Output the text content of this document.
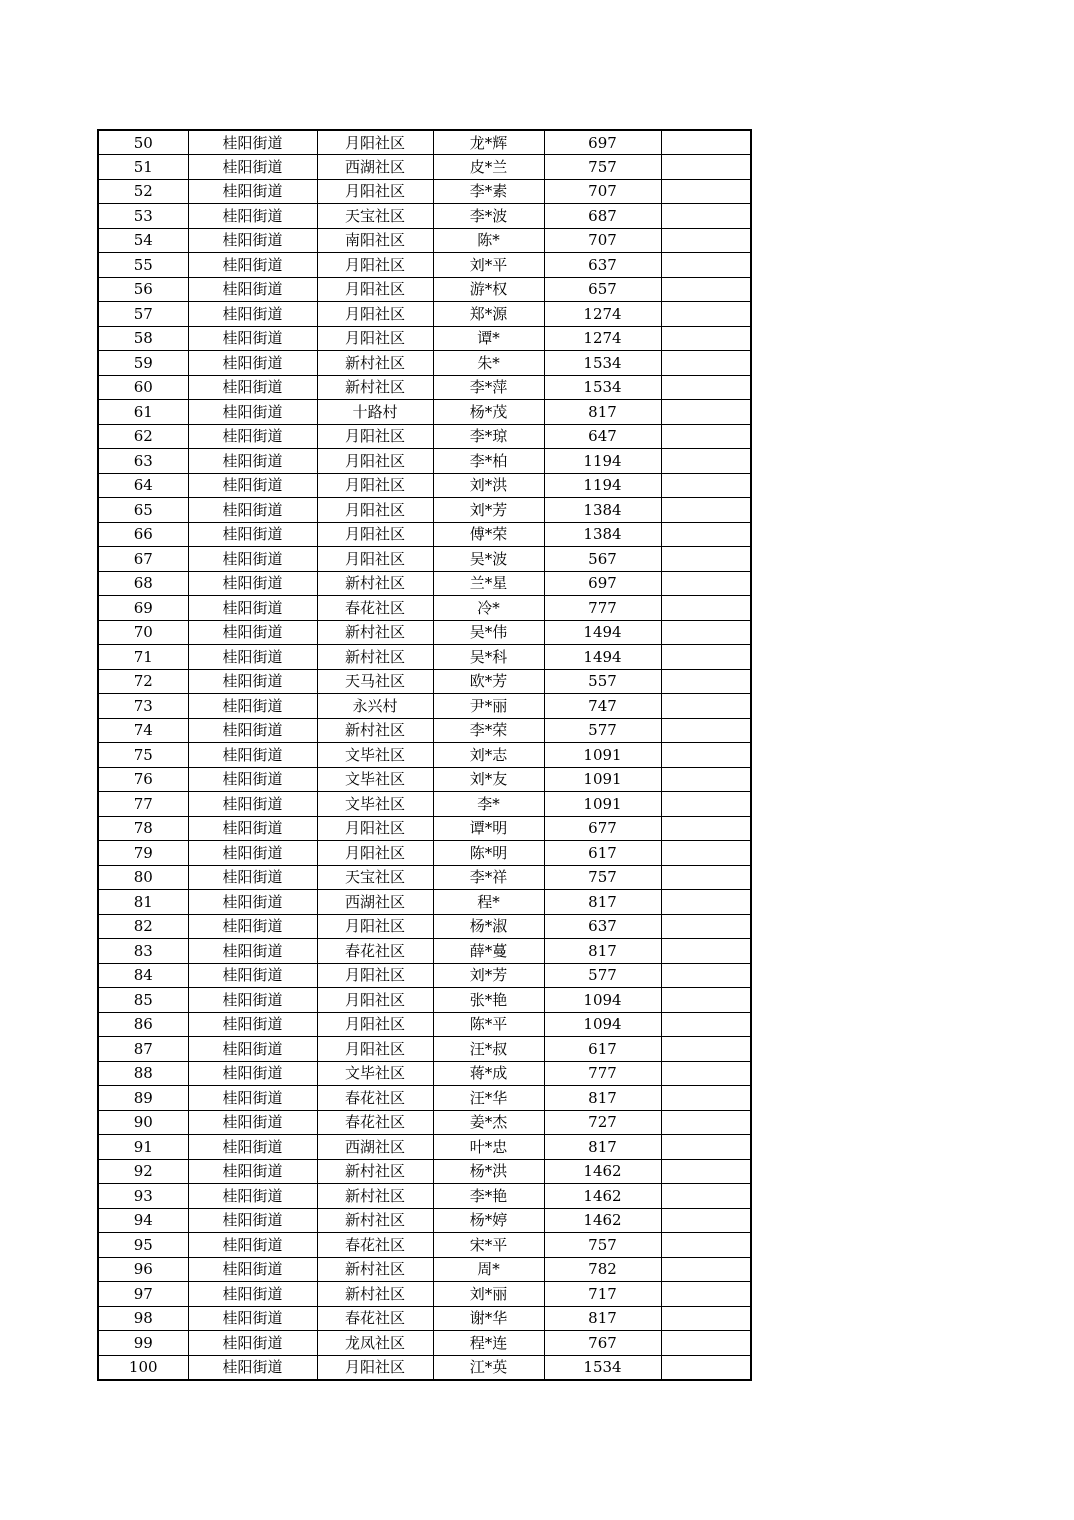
50	桂阳街道	月阳社区	龙*辉	697	
51	桂阳街道	西湖社区	皮*兰	757	
52	桂阳街道	月阳社区	李*素	707	
53	桂阳街道	天宝社区	李*波	687	
54	桂阳街道	南阳社区	陈*	707	
55	桂阳街道	月阳社区	刘*平	637	
56	桂阳街道	月阳社区	游*权	657	
57	桂阳街道	月阳社区	郑*源	1274	
58	桂阳街道	月阳社区	谭*	1274	
59	桂阳街道	新村社区	朱*	1534	
60	桂阳街道	新村社区	李*萍	1534	
61	桂阳街道	十路村	杨*茂	817	
62	桂阳街道	月阳社区	李*琼	647	
63	桂阳街道	月阳社区	李*柏	1194	
64	桂阳街道	月阳社区	刘*洪	1194	
65	桂阳街道	月阳社区	刘*芳	1384	
66	桂阳街道	月阳社区	傅*荣	1384	
67	桂阳街道	月阳社区	吴*波	567	
68	桂阳街道	新村社区	兰*星	697	
69	桂阳街道	春花社区	冷*	777	
70	桂阳街道	新村社区	吴*伟	1494	
71	桂阳街道	新村社区	吴*科	1494	
72	桂阳街道	天马社区	欧*芳	557	
73	桂阳街道	永兴村	尹*丽	747	
74	桂阳街道	新村社区	李*荣	577	
75	桂阳街道	文毕社区	刘*志	1091	
76	桂阳街道	文毕社区	刘*友	1091	
77	桂阳街道	文毕社区	李*	1091	
78	桂阳街道	月阳社区	谭*明	677	
79	桂阳街道	月阳社区	陈*明	617	
80	桂阳街道	天宝社区	李*祥	757	
81	桂阳街道	西湖社区	程*	817	
82	桂阳街道	月阳社区	杨*淑	637	
83	桂阳街道	春花社区	薛*蔓	817	
84	桂阳街道	月阳社区	刘*芳	577	
85	桂阳街道	月阳社区	张*艳	1094	
86	桂阳街道	月阳社区	陈*平	1094	
87	桂阳街道	月阳社区	汪*叔	617	
88	桂阳街道	文毕社区	蒋*成	777	
89	桂阳街道	春花社区	汪*华	817	
90	桂阳街道	春花社区	姜*杰	727	
91	桂阳街道	西湖社区	叶*忠	817	
92	桂阳街道	新村社区	杨*洪	1462	
93	桂阳街道	新村社区	李*艳	1462	
94	桂阳街道	新村社区	杨*婷	1462	
95	桂阳街道	春花社区	宋*平	757	
96	桂阳街道	新村社区	周*	782	
97	桂阳街道	新村社区	刘*丽	717	
98	桂阳街道	春花社区	谢*华	817	
99	桂阳街道	龙凤社区	程*连	767	
100	桂阳街道	月阳社区	江*英	1534	
